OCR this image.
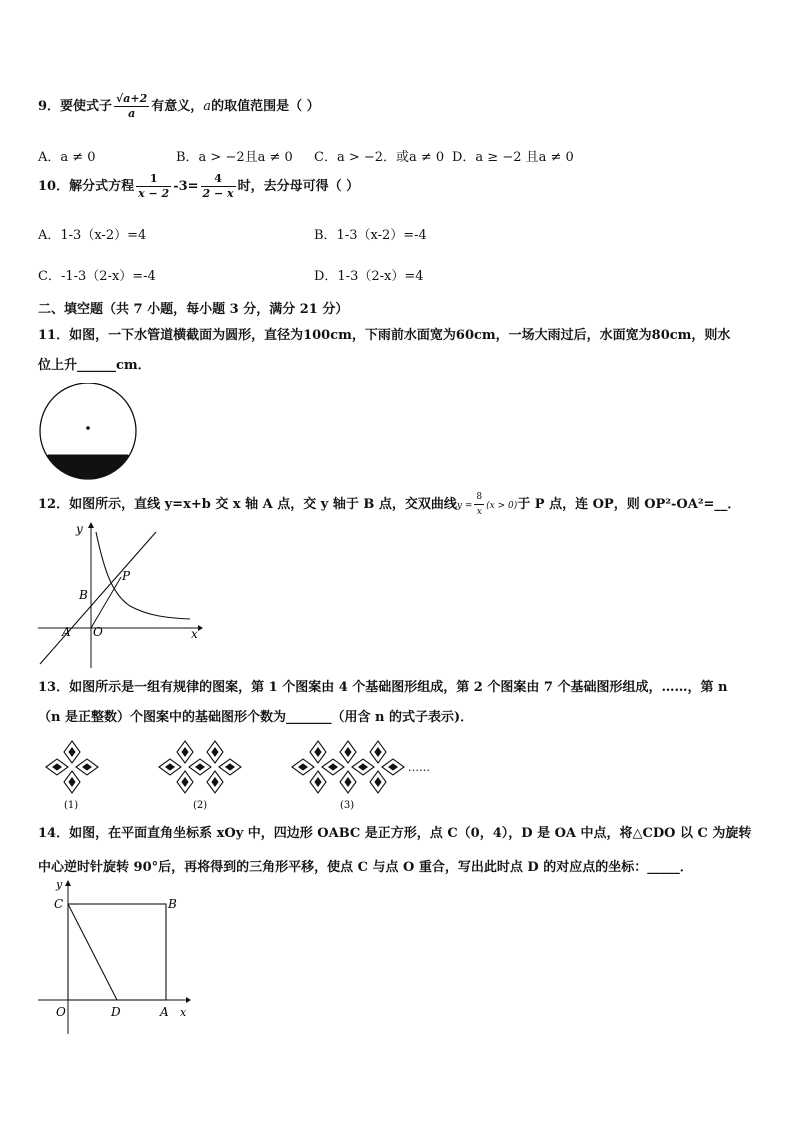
9．要使式子 $\frac{√a+2}{a}$ 有意义，a的取值范围是（ ）
A．a ≠ 0	B．a > −2且a ≠ 0 C．a > −2．或a ≠ 0 D．a ≥ −2 且a ≠ 0
10．解分式方程 $\frac{1}{x - 2} -3= \frac{4}{2 - x}$ 时，去分母可得（ ）
A．1-3（x-2）=4	B．1-3（x-2）=-4
C．-1-3（2-x）=-4	D．1-3（2-x）=4
二、填空题（共 7 小题，每小题 3 分，满分 21 分）
11．如图，一下水管道横截面为圆形，直径为100cm，下雨前水面宽为60cm，一场大雨过后，水面宽为80cm，则水
位上升______cm．
12．如图所示，直线 y=x+b 交 x 轴 A 点，交 y 轴于 B 点，交双曲线$y = \frac{8}{x} (x > 0)$于 P 点，连 OP，则 OP²-OA²=__．
y
x
A O
B
P
13．如图所示是一组有规律的图案，第 1 个图案由 4 个基础图形组成，第 2 个图案由 7 个基础图形组成，……，第 n
（n 是正整数）个图案中的基础图形个数为_______（用含 n 的式子表示)．
……
(1)	(2)	(3)
14．如图，在平面直角坐标系 xOy 中，四边形 OABC 是正方形，点 C（0，4），D 是 OA 中点，将△CDO 以 C 为旋转
中心逆时针旋转 90°后，再将得到的三角形平移，使点 C 与点 O 重合，写出此时点 D 的对应点的坐标：_____．
y
x
C	B
O	D	A
